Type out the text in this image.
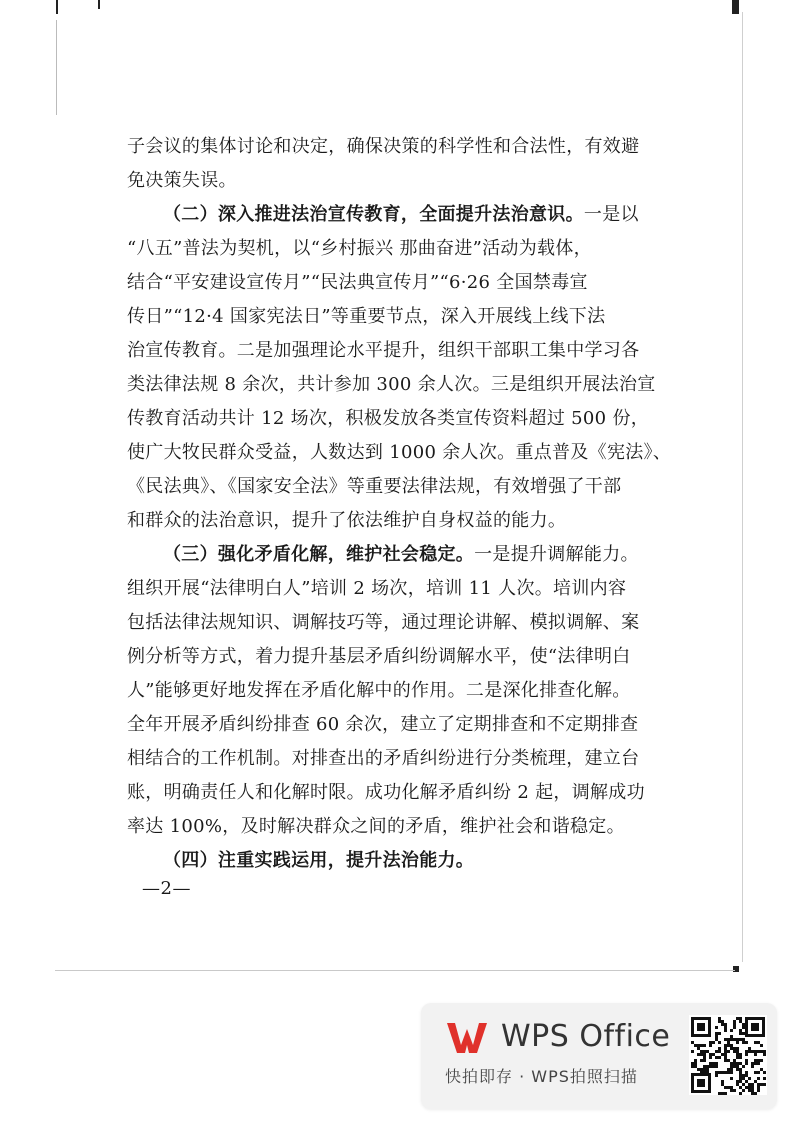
子会议的集体讨论和决定，确保决策的科学性和合法性，有效避
免决策失误。
（二）深入推进法治宣传教育，全面提升法治意识。一是以
“八五”普法为契机，以“乡村振兴 那曲奋进”活动为载体，
结合“平安建设宣传月”“民法典宣传月”“6·26 全国禁毒宣
传日”“12·4 国家宪法日”等重要节点，深入开展线上线下法
治宣传教育。二是加强理论水平提升，组织干部职工集中学习各
类法律法规 8 余次，共计参加 300 余人次。三是组织开展法治宣
传教育活动共计 12 场次，积极发放各类宣传资料超过 500 份，
使广大牧民群众受益，人数达到 1000 余人次。重点普及《宪法》、
《民法典》、《国家安全法》等重要法律法规，有效增强了干部
和群众的法治意识，提升了依法维护自身权益的能力。
（三）强化矛盾化解，维护社会稳定。一是提升调解能力。
组织开展“法律明白人”培训 2 场次，培训 11 人次。培训内容
包括法律法规知识、调解技巧等，通过理论讲解、模拟调解、案
例分析等方式，着力提升基层矛盾纠纷调解水平，使“法律明白
人”能够更好地发挥在矛盾化解中的作用。二是深化排查化解。
全年开展矛盾纠纷排查 60 余次，建立了定期排查和不定期排查
相结合的工作机制。对排查出的矛盾纠纷进行分类梳理，建立台
账，明确责任人和化解时限。成功化解矛盾纠纷 2 起，调解成功
率达 100%，及时解决群众之间的矛盾，维护社会和谐稳定。
（四）注重实践运用，提升法治能力。
—2—
WPS Office
快拍即存 · WPS拍照扫描
